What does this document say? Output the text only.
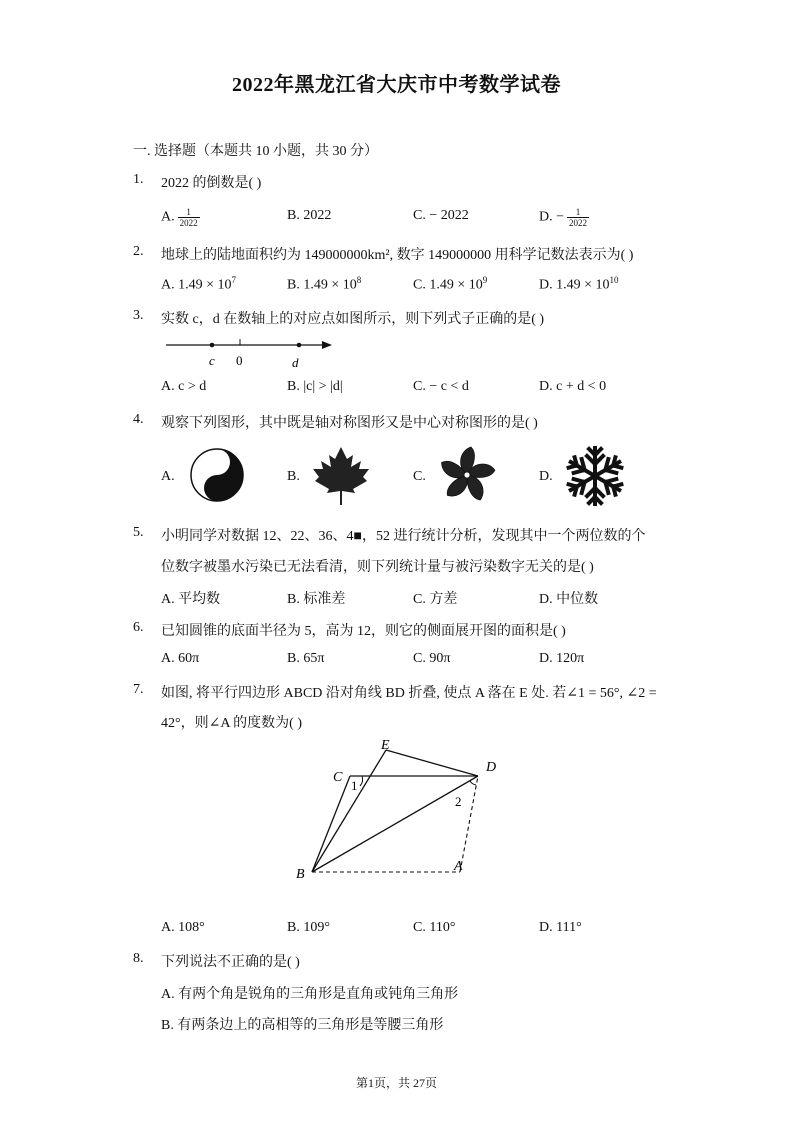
2022年黑龙江省大庆市中考数学试卷
一. 选择题（本题共 10 小题，共 30 分）
1. 2022 的倒数是( )
A. $\frac{1}{2022}$	B. 2022	C. − 2022	D. − $\frac{1}{2022}$
2. 地球上的陆地面积约为 149000000km², 数字 149000000 用科学记数法表示为( )
A. $1.49 \times 10^7$	B. $1.49 \times 10^8$	C. $1.49 \times 10^9$	D. $1.49 \times 10^{10}$
3. 实数 c，d 在数轴上的对应点如图所示，则下列式子正确的是( )
c 0	d
A. c > d	B. |c| > |d|	C. − c < d	D. c + d < 0
4. 观察下列图形，其中既是轴对称图形又是中心对称图形的是( )
A.	B.	C.	D.
5. 小明同学对数据 12、22、36、4■，52 进行统计分析，发现其中一个两位数的个
位数字被墨水污染已无法看清，则下列统计量与被污染数字无关的是( )
A. 平均数	B. 标准差	C. 方差	D. 中位数
6. 已知圆锥的底面半径为 5，高为 12，则它的侧面展开图的面积是( )
A. 60π	B. 65π	C. 90π	D. 120π
7. 如图, 将平行四边形 ABCD 沿对角线 BD 折叠, 使点 A 落在 E 处. 若∠1 = 56°, ∠2 =
42°，则∠A 的度数为( )
E
C
D
B
A
1
2
A. 108°	B. 109°	C. 110°	D. 111°
8. 下列说法不正确的是( )
A. 有两个角是锐角的三角形是直角或钝角三角形
B. 有两条边上的高相等的三角形是等腰三角形
第1页，共 27页
